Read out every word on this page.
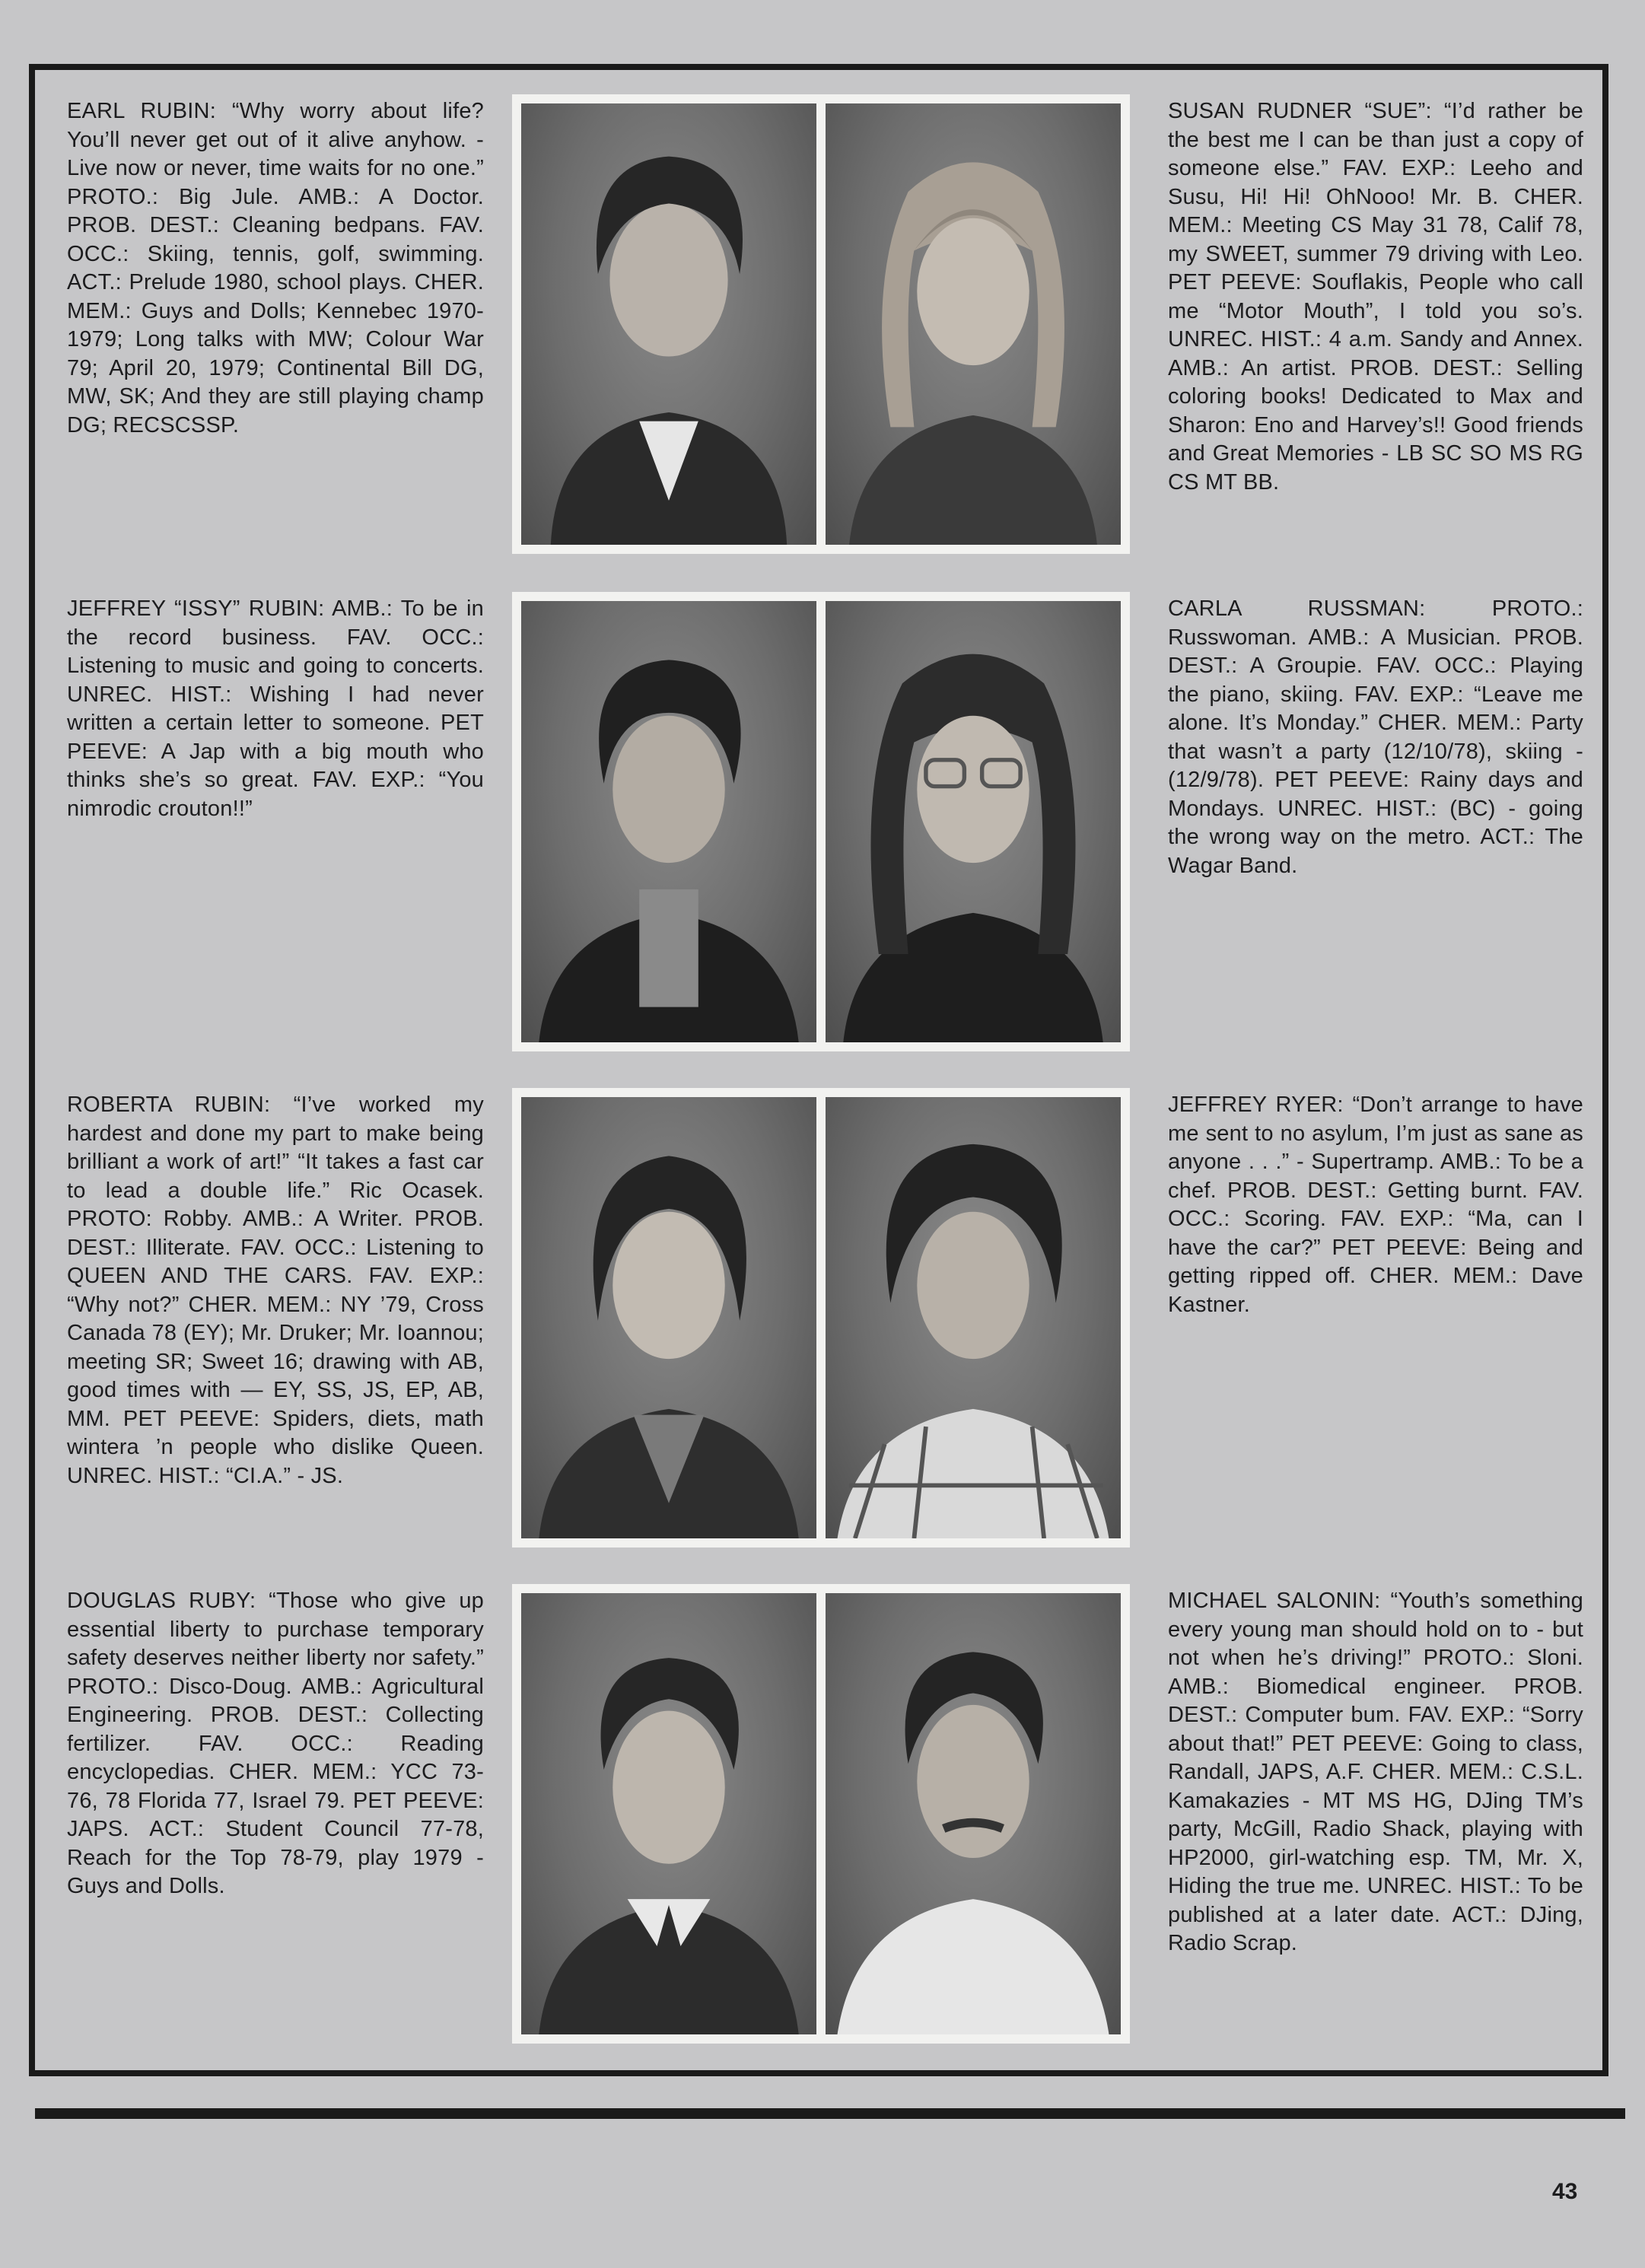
EARL RUBIN: “Why worry about life? You’ll never get out of it alive anyhow. - Live now or never, time waits for no one.” PROTO.: Big Jule. AMB.: A Doctor. PROB. DEST.: Cleaning bedpans. FAV. OCC.: Skiing, tennis, golf, swimming. ACT.: Prelude 1980, school plays. CHER. MEM.: Guys and Dolls; Kennebec 1970-1979; Long talks with MW; Colour War 79; April 20, 1979; Continental Bill DG, MW, SK; And they are still playing champ DG; RECSCSSP.

SUSAN RUDNER “SUE”: “I’d rather be the best me I can be than just a copy of someone else.” FAV. EXP.: Leeho and Susu, Hi! Hi! OhNooo! Mr. B. CHER. MEM.: Meeting CS May 31 78, Calif 78, my SWEET, summer 79 driving with Leo. PET PEEVE: Souflakis, People who call me “Motor Mouth”, I told you so’s. UNREC. HIST.: 4 a.m. Sandy and Annex. AMB.: An artist. PROB. DEST.: Selling coloring books! Dedicated to Max and Sharon: Eno and Harvey’s!! Good friends and Great Memories - LB SC SO MS RG CS MT BB.

JEFFREY “ISSY” RUBIN: AMB.: To be in the record business. FAV. OCC.: Listening to music and going to concerts. UNREC. HIST.: Wishing I had never written a certain letter to someone. PET PEEVE: A Jap with a big mouth who thinks she’s so great. FAV. EXP.: “You nimrodic crouton!!”

CARLA RUSSMAN: PROTO.: Russwoman. AMB.: A Musician. PROB. DEST.: A Groupie. FAV. OCC.: Playing the piano, skiing. FAV. EXP.: “Leave me alone. It’s Monday.” CHER. MEM.: Party that wasn’t a party (12/10/78), skiing - (12/9/78). PET PEEVE: Rainy days and Mondays. UNREC. HIST.: (BC) - going the wrong way on the metro. ACT.: The Wagar Band.

ROBERTA RUBIN: “I’ve worked my hardest and done my part to make being brilliant a work of art!” “It takes a fast car to lead a double life.” Ric Ocasek. PROTO: Robby. AMB.: A Writer. PROB. DEST.: Illiterate. FAV. OCC.: Listening to QUEEN AND THE CARS. FAV. EXP.: “Why not?” CHER. MEM.: NY ’79, Cross Canada 78 (EY); Mr. Druker; Mr. Ioannou; meeting SR; Sweet 16; drawing with AB, good times with — EY, SS, JS, EP, AB, MM. PET PEEVE: Spiders, diets, math wintera ’n people who dislike Queen. UNREC. HIST.: “CI.A.” - JS.

JEFFREY RYER: “Don’t arrange to have me sent to no asylum, I’m just as sane as anyone . . .” - Supertramp. AMB.: To be a chef. PROB. DEST.: Getting burnt. FAV. OCC.: Scoring. FAV. EXP.: “Ma, can I have the car?” PET PEEVE: Being and getting ripped off. CHER. MEM.: Dave Kastner.

DOUGLAS RUBY: “Those who give up essential liberty to purchase temporary safety deserves neither liberty nor safety.” PROTO.: Disco-Doug. AMB.: Agricultural Engineering. PROB. DEST.: Collecting fertilizer. FAV. OCC.: Reading encyclopedias. CHER. MEM.: YCC 73-76, 78 Florida 77, Israel 79. PET PEEVE: JAPS. ACT.: Student Council 77-78, Reach for the Top 78-79, play 1979 - Guys and Dolls.

MICHAEL SALONIN: “Youth’s something every young man should hold on to - but not when he’s driving!” PROTO.: Sloni. AMB.: Biomedical engineer. PROB. DEST.: Computer bum. FAV. EXP.: “Sorry about that!” PET PEEVE: Going to class, Randall, JAPS, A.F. CHER. MEM.: C.S.L. Kamakazies - MT MS HG, DJing TM’s party, McGill, Radio Shack, playing with HP2000, girl-watching esp. TM, Mr. X, Hiding the true me. UNREC. HIST.: To be published at a later date. ACT.: DJing, Radio Scrap.

43
